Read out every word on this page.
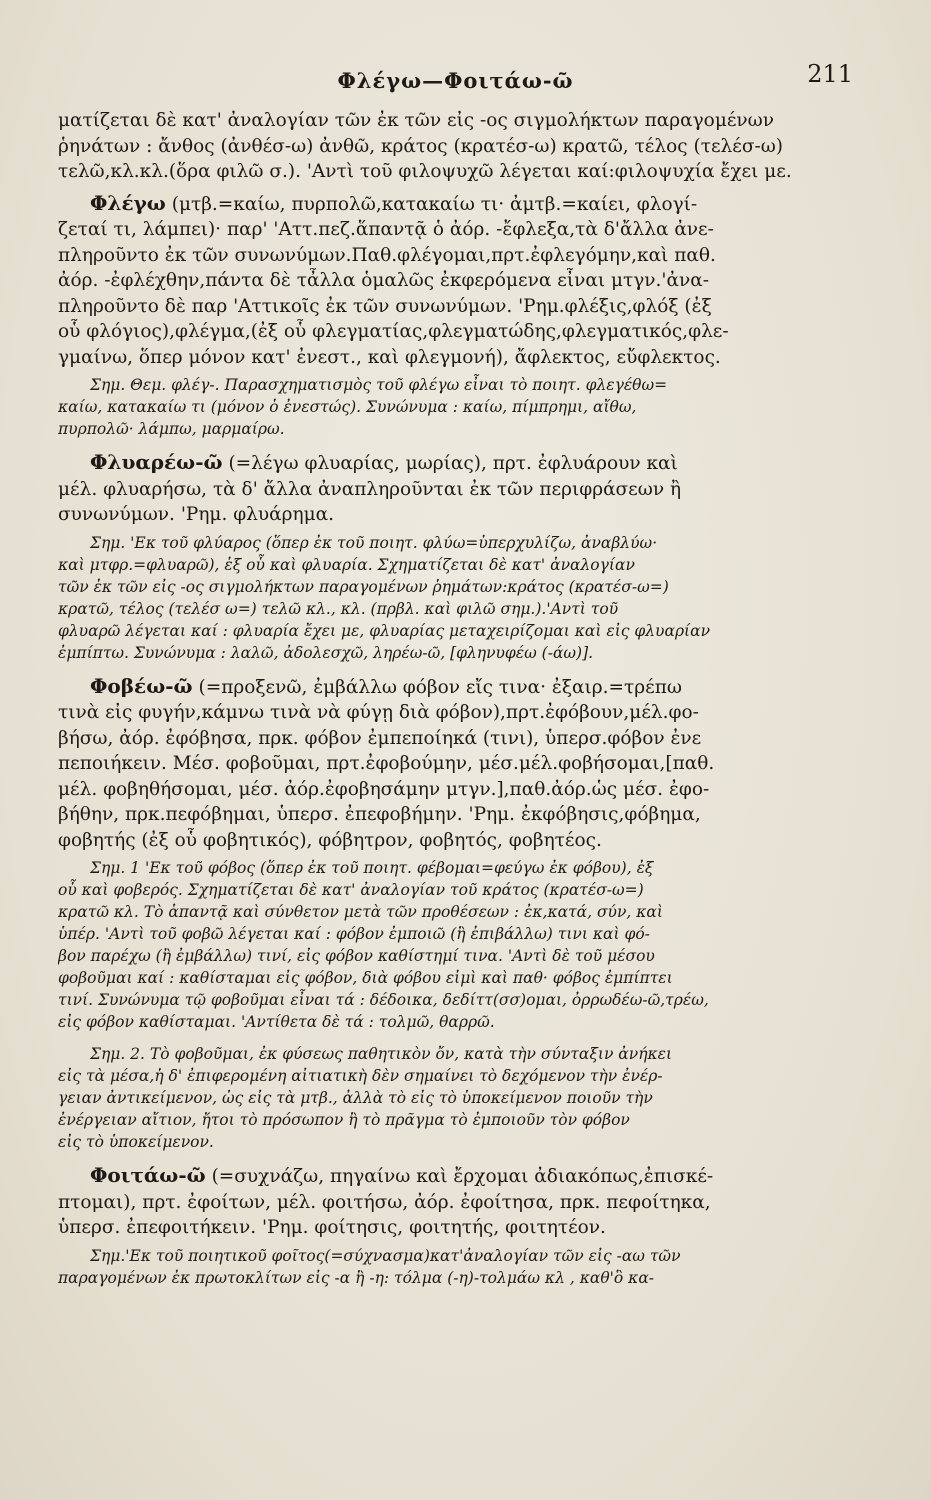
Φλέγω—Φοιτάω-ῶ	211
ματίζεται δὲ κατ' ἀναλογίαν τῶν ἐκ τῶν εἰς -ος σιγμολήκτων παραγομένων
ῥηνάτων : ἄνθος (ἀνθέσ-ω) ἀνθῶ, κράτος (κρατέσ-ω) κρατῶ, τέλος (τελέσ-ω)
τελῶ,κλ.κλ.(ὅρα φιλῶ σ.). 'Αντὶ τοῦ φιλοψυχῶ λέγεται καί:φιλοψυχία ἔχει με.
Φλέγω (μτβ.=καίω, πυρπολῶ,κατακαίω τι· ἀμτβ.=καίει, φλογί-
ζεταί τι, λάμπει)· παρ' 'Αττ.πεζ.ἅπαντᾷ ὁ ἀόρ. -ἔφλεξα,τὰ δ'ἄλλα ἀνε-
πληροῦντο ἐκ τῶν συνωνύμων.Παθ.φλέγομαι,πρτ.ἐφλεγόμην,καὶ παθ.
ἀόρ. -ἐφλέχθην,πάντα δὲ τἆλλα ὁμαλῶς ἐκφερόμενα εἶναι μτγν.'ἀνα-
πληροῦντο δὲ παρ 'Αττικοῖς ἐκ τῶν συνωνύμων. 'Ρημ.φλέξις,φλόξ (ἐξ
οὗ φλόγιος),φλέγμα,(ἐξ οὗ φλεγματίας,φλεγματώδης,φλεγματικός,φλε-
γμαίνω, ὅπερ μόνον κατ' ἐνεστ., καὶ φλεγμονή), ἄφλεκτος, εὔφλεκτος.
Σημ. Θεμ. φλέγ-. Παρασχηματισμὸς τοῦ φλέγω εἶναι τὸ ποιητ. φλεγέθω=
καίω, κατακαίω τι (μόνον ὁ ἐνεστώς). Συνώνυμα : καίω, πίμπρημι, αἴθω,
πυρπολῶ· λάμπω, μαρμαίρω.
Φλυαρέω-ῶ (=λέγω φλυαρίας, μωρίας), πρτ. ἐφλυάρουν καὶ
μέλ. φλυαρήσω, τὰ δ' ἄλλα ἀναπληροῦνται ἐκ τῶν περιφράσεων ἢ
συνωνύμων. 'Ρημ. φλυάρημα.
Σημ. 'Εκ τοῦ φλύαρος (ὅπερ ἐκ τοῦ ποιητ. φλύω=ὑπερχυλίζω, ἀναβλύω·
καὶ μτφρ.=φλυαρῶ), ἐξ οὗ καὶ φλυαρία. Σχηματίζεται δὲ κατ' ἀναλογίαν
τῶν ἐκ τῶν εἰς -ος σιγμολήκτων παραγομένων ῥημάτων:κράτος (κρατέσ-ω=)
κρατῶ, τέλος (τελέσ ω=) τελῶ κλ., κλ. (πρβλ. καὶ φιλῶ σημ.).'Αντὶ τοῦ
φλυαρῶ λέγεται καί : φλυαρία ἔχει με, φλυαρίας μεταχειρίζομαι καὶ εἰς φλυαρίαν
ἐμπίπτω. Συνώνυμα : λαλῶ, ἀδολεσχῶ, ληρέω-ῶ, [φληνυφέω (-άω)].
Φοβέω-ῶ (=προξενῶ, ἐμβάλλω φόβον εἴς τινα· ἐξαιρ.=τρέπω
τινὰ εἰς φυγήν,κάμνω τινὰ νὰ φύγῃ διὰ φόβον),πρτ.ἐφόβουν,μέλ.φο-
βήσω, ἀόρ. ἐφόβησα, πρκ. φόβον ἐμπεποίηκά (τινι), ὑπερσ.φόβον ἐνε
πεποιήκειν. Μέσ. φοβοῦμαι, πρτ.ἐφοβούμην, μέσ.μέλ.φοβήσομαι,[παθ.
μέλ. φοβηθήσομαι, μέσ. ἀόρ.ἐφοβησάμην μτγν.],παθ.ἀόρ.ὡς μέσ. ἐφο-
βήθην, πρκ.πεφόβημαι, ὑπερσ. ἐπεφοβήμην. 'Ρημ. ἐκφόβησις,φόβημα,
φοβητής (ἐξ οὗ φοβητικός), φόβητρον, φοβητός, φοβητέος.
Σημ. 1 'Εκ τοῦ φόβος (ὅπερ ἐκ τοῦ ποιητ. φέβομαι=φεύγω ἐκ φόβου), ἐξ
οὗ καὶ φοβερός. Σχηματίζεται δὲ κατ' ἀναλογίαν τοῦ κράτος (κρατέσ-ω=)
κρατῶ κλ. Τὸ ἁπαντᾷ καὶ σύνθετον μετὰ τῶν προθέσεων : ἐκ,κατά, σύν, καὶ
ὑπέρ. 'Αντὶ τοῦ φοβῶ λέγεται καί : φόβον ἐμποιῶ (ἢ ἐπιβάλλω) τινι καὶ φό-
βον παρέχω (ἢ ἐμβάλλω) τινί, εἰς φόβον καθίστημί τινα. 'Αντὶ δὲ τοῦ μέσου
φοβοῦμαι καί : καθίσταμαι εἰς φόβον, διὰ φόβου εἰμὶ καὶ παθ· φόβος ἐμπίπτει
τινί. Συνώνυμα τῷ φοβοῦμαι εἶναι τά : δέδοικα, δεδίττ(σσ)ομαι, ὀρρωδέω-ῶ,τρέω,
εἰς φόβον καθίσταμαι. 'Αντίθετα δὲ τά : τολμῶ, θαρρῶ.
Σημ. 2. Τὸ φοβοῦμαι, ἐκ φύσεως παθητικὸν ὄν, κατὰ τὴν σύνταξιν ἀνήκει
εἰς τὰ μέσα,ἡ δ' ἐπιφερομένη αἰτιατικὴ δὲν σημαίνει τὸ δεχόμενον τὴν ἐνέρ-
γειαν ἀντικείμενον, ὡς εἰς τὰ μτβ., ἀλλὰ τὸ εἰς τὸ ὑποκείμενον ποιοῦν τὴν
ἐνέργειαν αἴτιον, ἤτοι τὸ πρόσωπον ἢ τὸ πρᾶγμα τὸ ἐμποιοῦν τὸν φόβον
εἰς τὸ ὑποκείμενον.
Φοιτάω-ῶ (=συχνάζω, πηγαίνω καὶ ἔρχομαι ἀδιακόπως,ἐπισκέ-
πτομαι), πρτ. ἐφοίτων, μέλ. φοιτήσω, ἀόρ. ἐφοίτησα, πρκ. πεφοίτηκα,
ὑπερσ. ἐπεφοιτήκειν. 'Ρημ. φοίτησις, φοιτητής, φοιτητέον.
Σημ.'Εκ τοῦ ποιητικοῦ φοῖτος(=σύχνασμα)κατ'ἀναλογίαν τῶν εἰς -αω τῶν
παραγομένων ἐκ πρωτοκλίτων εἰς -α ἢ -η: τόλμα (-η)-τολμάω κλ , καθ'ὃ κα-
